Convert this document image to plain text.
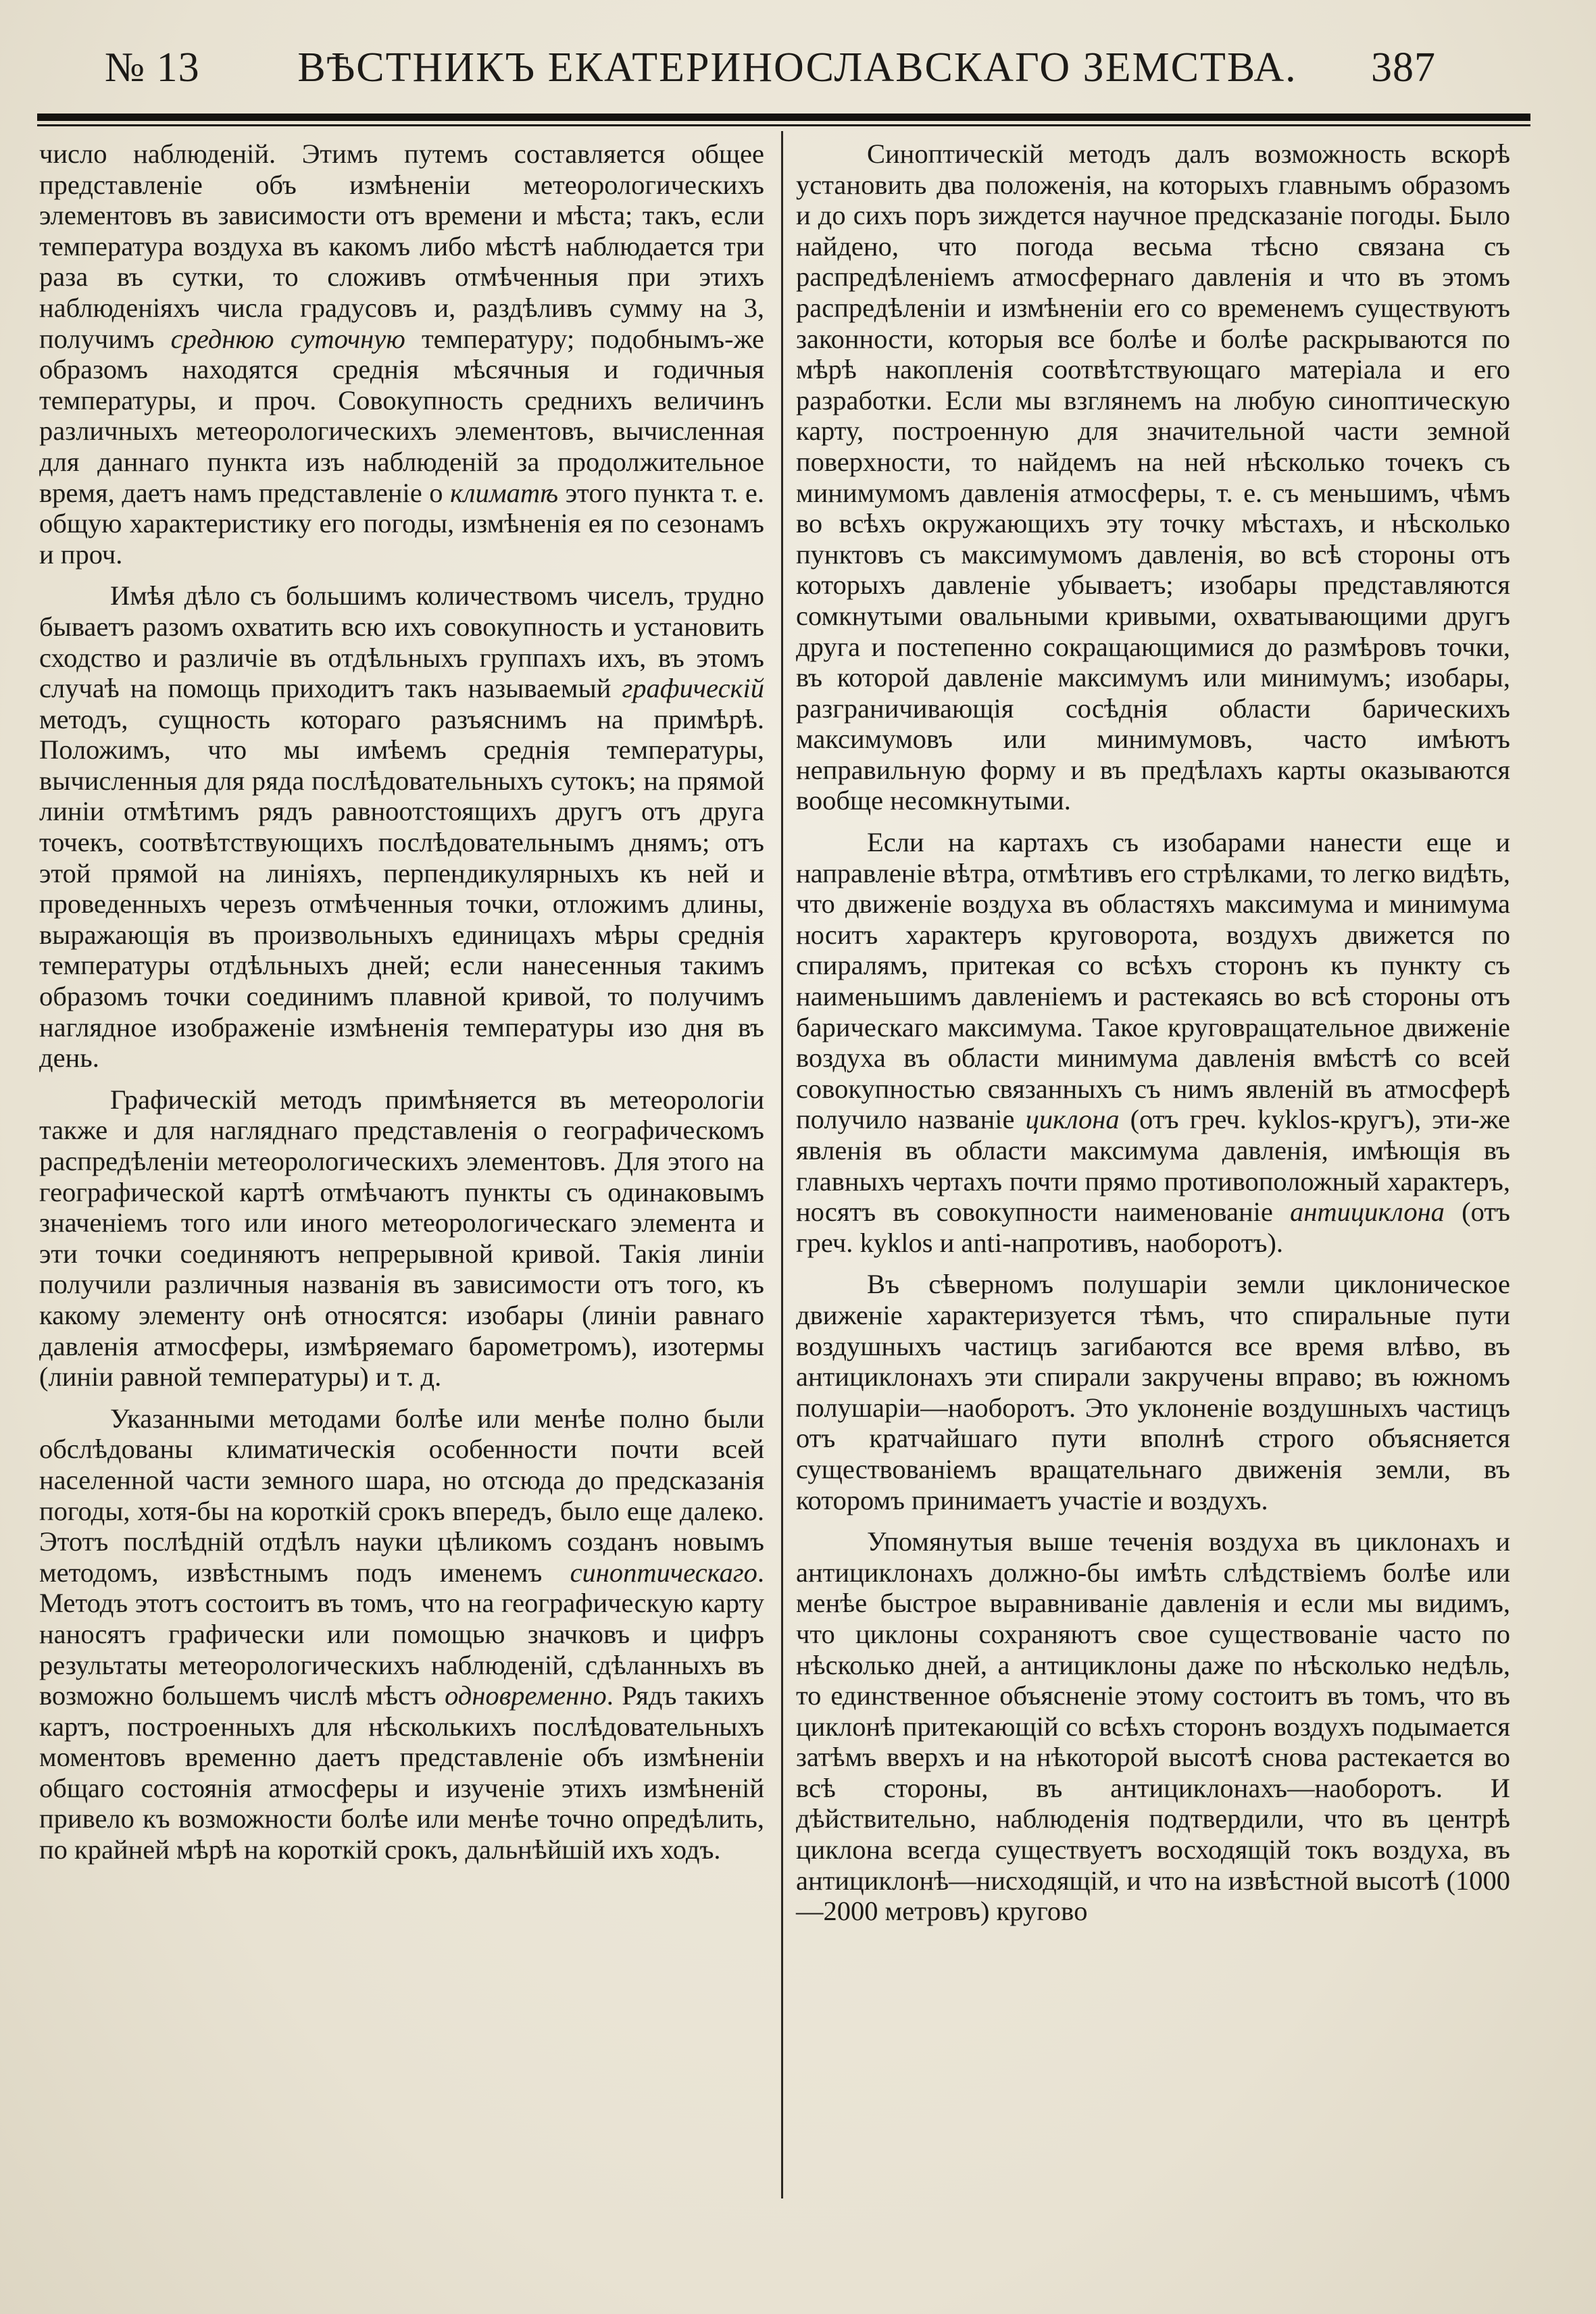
№ 13	ВѢСТНИКЪ ЕКАТЕРИНОСЛАВСКАГО ЗЕМСТВА.	387

число наблюденій. Этимъ путемъ составляется общее представленіе объ измѣненіи метеорологическихъ элементовъ въ зависимости отъ времени и мѣста; такъ, если температура воздуха въ какомъ либо мѣстѣ наблюдается три раза въ сутки, то сложивъ отмѣченныя при этихъ наблюденіяхъ числа градусовъ и, раздѣливъ сумму на 3, получимъ среднюю суточную температуру; подобнымъ-же образомъ находятся среднія мѣсячныя и годичныя температуры, и проч. Совокупность среднихъ величинъ различныхъ метеорологическихъ элементовъ, вычисленная для даннаго пункта изъ наблюденій за продолжительное время, даетъ намъ представленіе о климатѣ этого пункта т. е. общую характеристику его погоды, измѣненія ея по сезонамъ и проч.

Имѣя дѣло съ большимъ количествомъ чиселъ, трудно бываетъ разомъ охватить всю ихъ совокупность и установить сходство и различіе въ отдѣльныхъ группахъ ихъ, въ этомъ случаѣ на помощь приходитъ такъ называемый графическій методъ, сущность котораго разъяснимъ на примѣрѣ. Положимъ, что мы имѣемъ среднія температуры, вычисленныя для ряда послѣдовательныхъ сутокъ; на прямой линіи отмѣтимъ рядъ равноотстоящихъ другъ отъ друга точекъ, соотвѣтствующихъ послѣдовательнымъ днямъ; отъ этой прямой на линіяхъ, перпендикулярныхъ къ ней и проведенныхъ черезъ отмѣченныя точки, отложимъ длины, выражающія въ произвольныхъ единицахъ мѣры среднія температуры отдѣльныхъ дней; если нанесенныя такимъ образомъ точки соединимъ плавной кривой, то получимъ наглядное изображеніе измѣненія температуры изо дня въ день.

Графическій методъ примѣняется въ метеорологіи также и для нагляднаго представленія о географическомъ распредѣленіи метеорологическихъ элементовъ. Для этого на географической картѣ отмѣчаютъ пункты съ одинаковымъ значеніемъ того или иного метеорологическаго элемента и эти точки соединяютъ непрерывной кривой. Такія линіи получили различныя названія въ зависимости отъ того, къ какому элементу онѣ относятся: изобары (линіи равнаго давленія атмосферы, измѣряемаго барометромъ), изотермы (линіи равной температуры) и т. д.

Указанными методами болѣе или менѣе полно были обслѣдованы климатическія особенности почти всей населенной части земного шара, но отсюда до предсказанія погоды, хотя-бы на короткій срокъ впередъ, было еще далеко. Этотъ послѣдній отдѣлъ науки цѣликомъ созданъ новымъ методомъ, извѣстнымъ подъ именемъ синоптическаго. Методъ этотъ состоитъ въ томъ, что на географическую карту наносятъ графически или помощью значковъ и цифръ результаты метеорологическихъ наблюденій, сдѣланныхъ въ возможно большемъ числѣ мѣстъ одновременно. Рядъ такихъ картъ, построенныхъ для нѣсколькихъ послѣдовательныхъ моментовъ временно даетъ представленіе объ измѣненіи общаго состоянія атмосферы и изученіе этихъ измѣненій привело къ возможности болѣе или менѣе точно опредѣлить, по крайней мѣрѣ на короткій срокъ, дальнѣйшій ихъ ходъ.

Синоптическій методъ далъ возможность вскорѣ установить два положенія, на которыхъ главнымъ образомъ и до сихъ поръ зиждется научное предсказаніе погоды. Было найдено, что погода весьма тѣсно связана съ распредѣленіемъ атмосфернаго давленія и что въ этомъ распредѣленіи и измѣненіи его со временемъ существуютъ законности, которыя все болѣе и болѣе раскрываются по мѣрѣ накопленія соотвѣтствующаго матеріала и его разработки. Если мы взглянемъ на любую синоптическую карту, построенную для значительной части земной поверхности, то найдемъ на ней нѣсколько точекъ съ минимумомъ давленія атмосферы, т. е. съ меньшимъ, чѣмъ во всѣхъ окружающихъ эту точку мѣстахъ, и нѣсколько пунктовъ съ максимумомъ давленія, во всѣ стороны отъ которыхъ давленіе убываетъ; изобары представляются сомкнутыми овальными кривыми, охватывающими другъ друга и постепенно сокращающимися до размѣровъ точки, въ которой давленіе максимумъ или минимумъ; изобары, разграничивающія сосѣднія области барическихъ максимумовъ или минимумовъ, часто имѣютъ неправильную форму и въ предѣлахъ карты оказываются вообще несомкнутыми.

Если на картахъ съ изобарами нанести еще и направленіе вѣтра, отмѣтивъ его стрѣлками, то легко видѣть, что движеніе воздуха въ областяхъ максимума и минимума носитъ характеръ круговорота, воздухъ движется по спиралямъ, притекая со всѣхъ сторонъ къ пункту съ наименьшимъ давленіемъ и растекаясь во всѣ стороны отъ барическаго максимума. Такое круговращательное движеніе воздуха въ области минимума давленія вмѣстѣ со всей совокупностью связанныхъ съ нимъ явленій въ атмосферѣ получило названіе циклона (отъ греч. kyklos-кругъ), эти-же явленія въ области максимума давленія, имѣющія въ главныхъ чертахъ почти прямо противоположный характеръ, носятъ въ совокупности наименованіе антициклона (отъ греч. kyklos и anti-напротивъ, наоборотъ).

Въ сѣверномъ полушаріи земли циклоническое движеніе характеризуется тѣмъ, что спиральные пути воздушныхъ частицъ загибаются все время влѣво, въ антициклонахъ эти спирали закручены вправо; въ южномъ полушаріи—наоборотъ. Это уклоненіе воздушныхъ частицъ отъ кратчайшаго пути вполнѣ строго объясняется существованіемъ вращательнаго движенія земли, въ которомъ принимаетъ участіе и воздухъ.

Упомянутыя выше теченія воздуха въ циклонахъ и антициклонахъ должно-бы имѣть слѣдствіемъ болѣе или менѣе быстрое выравниваніе давленія и если мы видимъ, что циклоны сохраняютъ свое существованіе часто по нѣсколько дней, а антициклоны даже по нѣсколько недѣль, то единственное объясненіе этому состоитъ въ томъ, что въ циклонѣ притекающій со всѣхъ сторонъ воздухъ подымается затѣмъ вверхъ и на нѣкоторой высотѣ снова растекается во всѣ стороны, въ антициклонахъ—наоборотъ. И дѣйствительно, наблюденія подтвердили, что въ центрѣ циклона всегда существуетъ восходящій токъ воздуха, въ антициклонѣ—нисходящій, и что на извѣстной высотѣ (1000—2000 метровъ) круговo
